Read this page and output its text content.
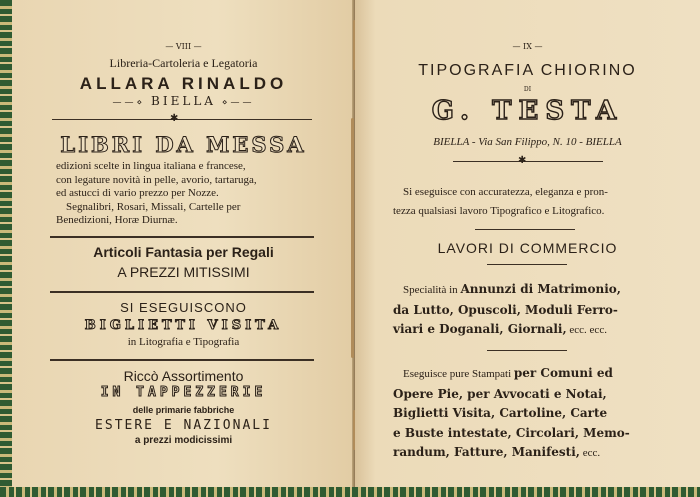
— VIII —
Libreria-Cartoleria e Legatoria
ALLARA RINALDO
——⋄ BIELLA ⋄——
✱
LIBRI DA MESSA
edizioni scelte in lingua italiana e francese,
con legature novità in pelle, avorio, tartaruga,
ed astucci di vario prezzo per Nozze.
Segnalibri, Rosari, Missali, Cartelle per
Benedizioni, Horæ Diurnæ.
Articoli Fantasia per Regali
A PREZZI MITISSIMI
SI ESEGUISCONO
BIGLIETTI VISITA
in Litografia e Tipografia
Riccò Assortimento
IN TAPPEZZERIE
delle primarie fabbriche
ESTERE E NAZIONALI
a prezzi modicissimi
— IX —
TIPOGRAFIA CHIORINO
DI
G. TESTA
BIELLA - Via San Filippo, N. 10 - BIELLA
✱
Si eseguisce con accuratezza, eleganza e pron-
tezza qualsiasi lavoro Tipografico e Litografico.
LAVORI DI COMMERCIO
Specialità in Annunzi di Matrimonio,
da Lutto, Opuscoli, Moduli Ferro-
viari e Doganali, Giornali, ecc. ecc.
Eseguisce pure Stampati per Comuni ed
Opere Pie, per Avvocati e Notai,
Biglietti Visita, Cartoline, Carte
e Buste intestate, Circolari, Memo-
randum, Fatture, Manifesti, ecc.
